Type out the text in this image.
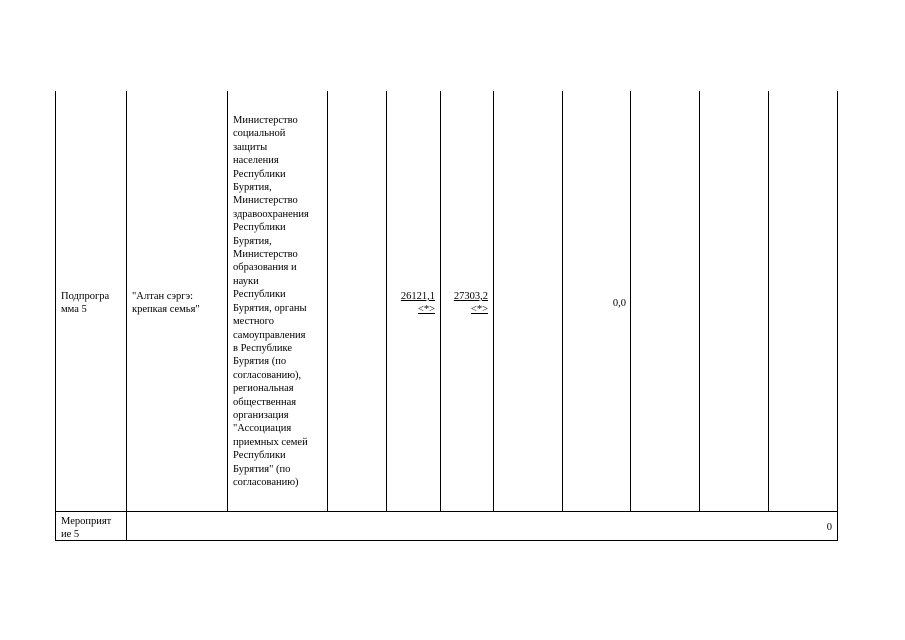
Подпрогра
мма 5
"Алтан сэргэ:
крепкая семья"
Министерство
социальной
защиты
населения
Республики
Бурятия,
Министерство
здравоохранения
Республики
Бурятия,
Министерство
образования и
науки
Республики
Бурятия, органы
местного
самоуправления
в Республике
Бурятия (по
согласованию),
региональная
общественная
организация
"Ассоциация
приемных семей
Республики
Бурятия" (по
согласованию)
26121,1
<*>
27303,2
<*>
0,0
Мероприят
ие 5
0
